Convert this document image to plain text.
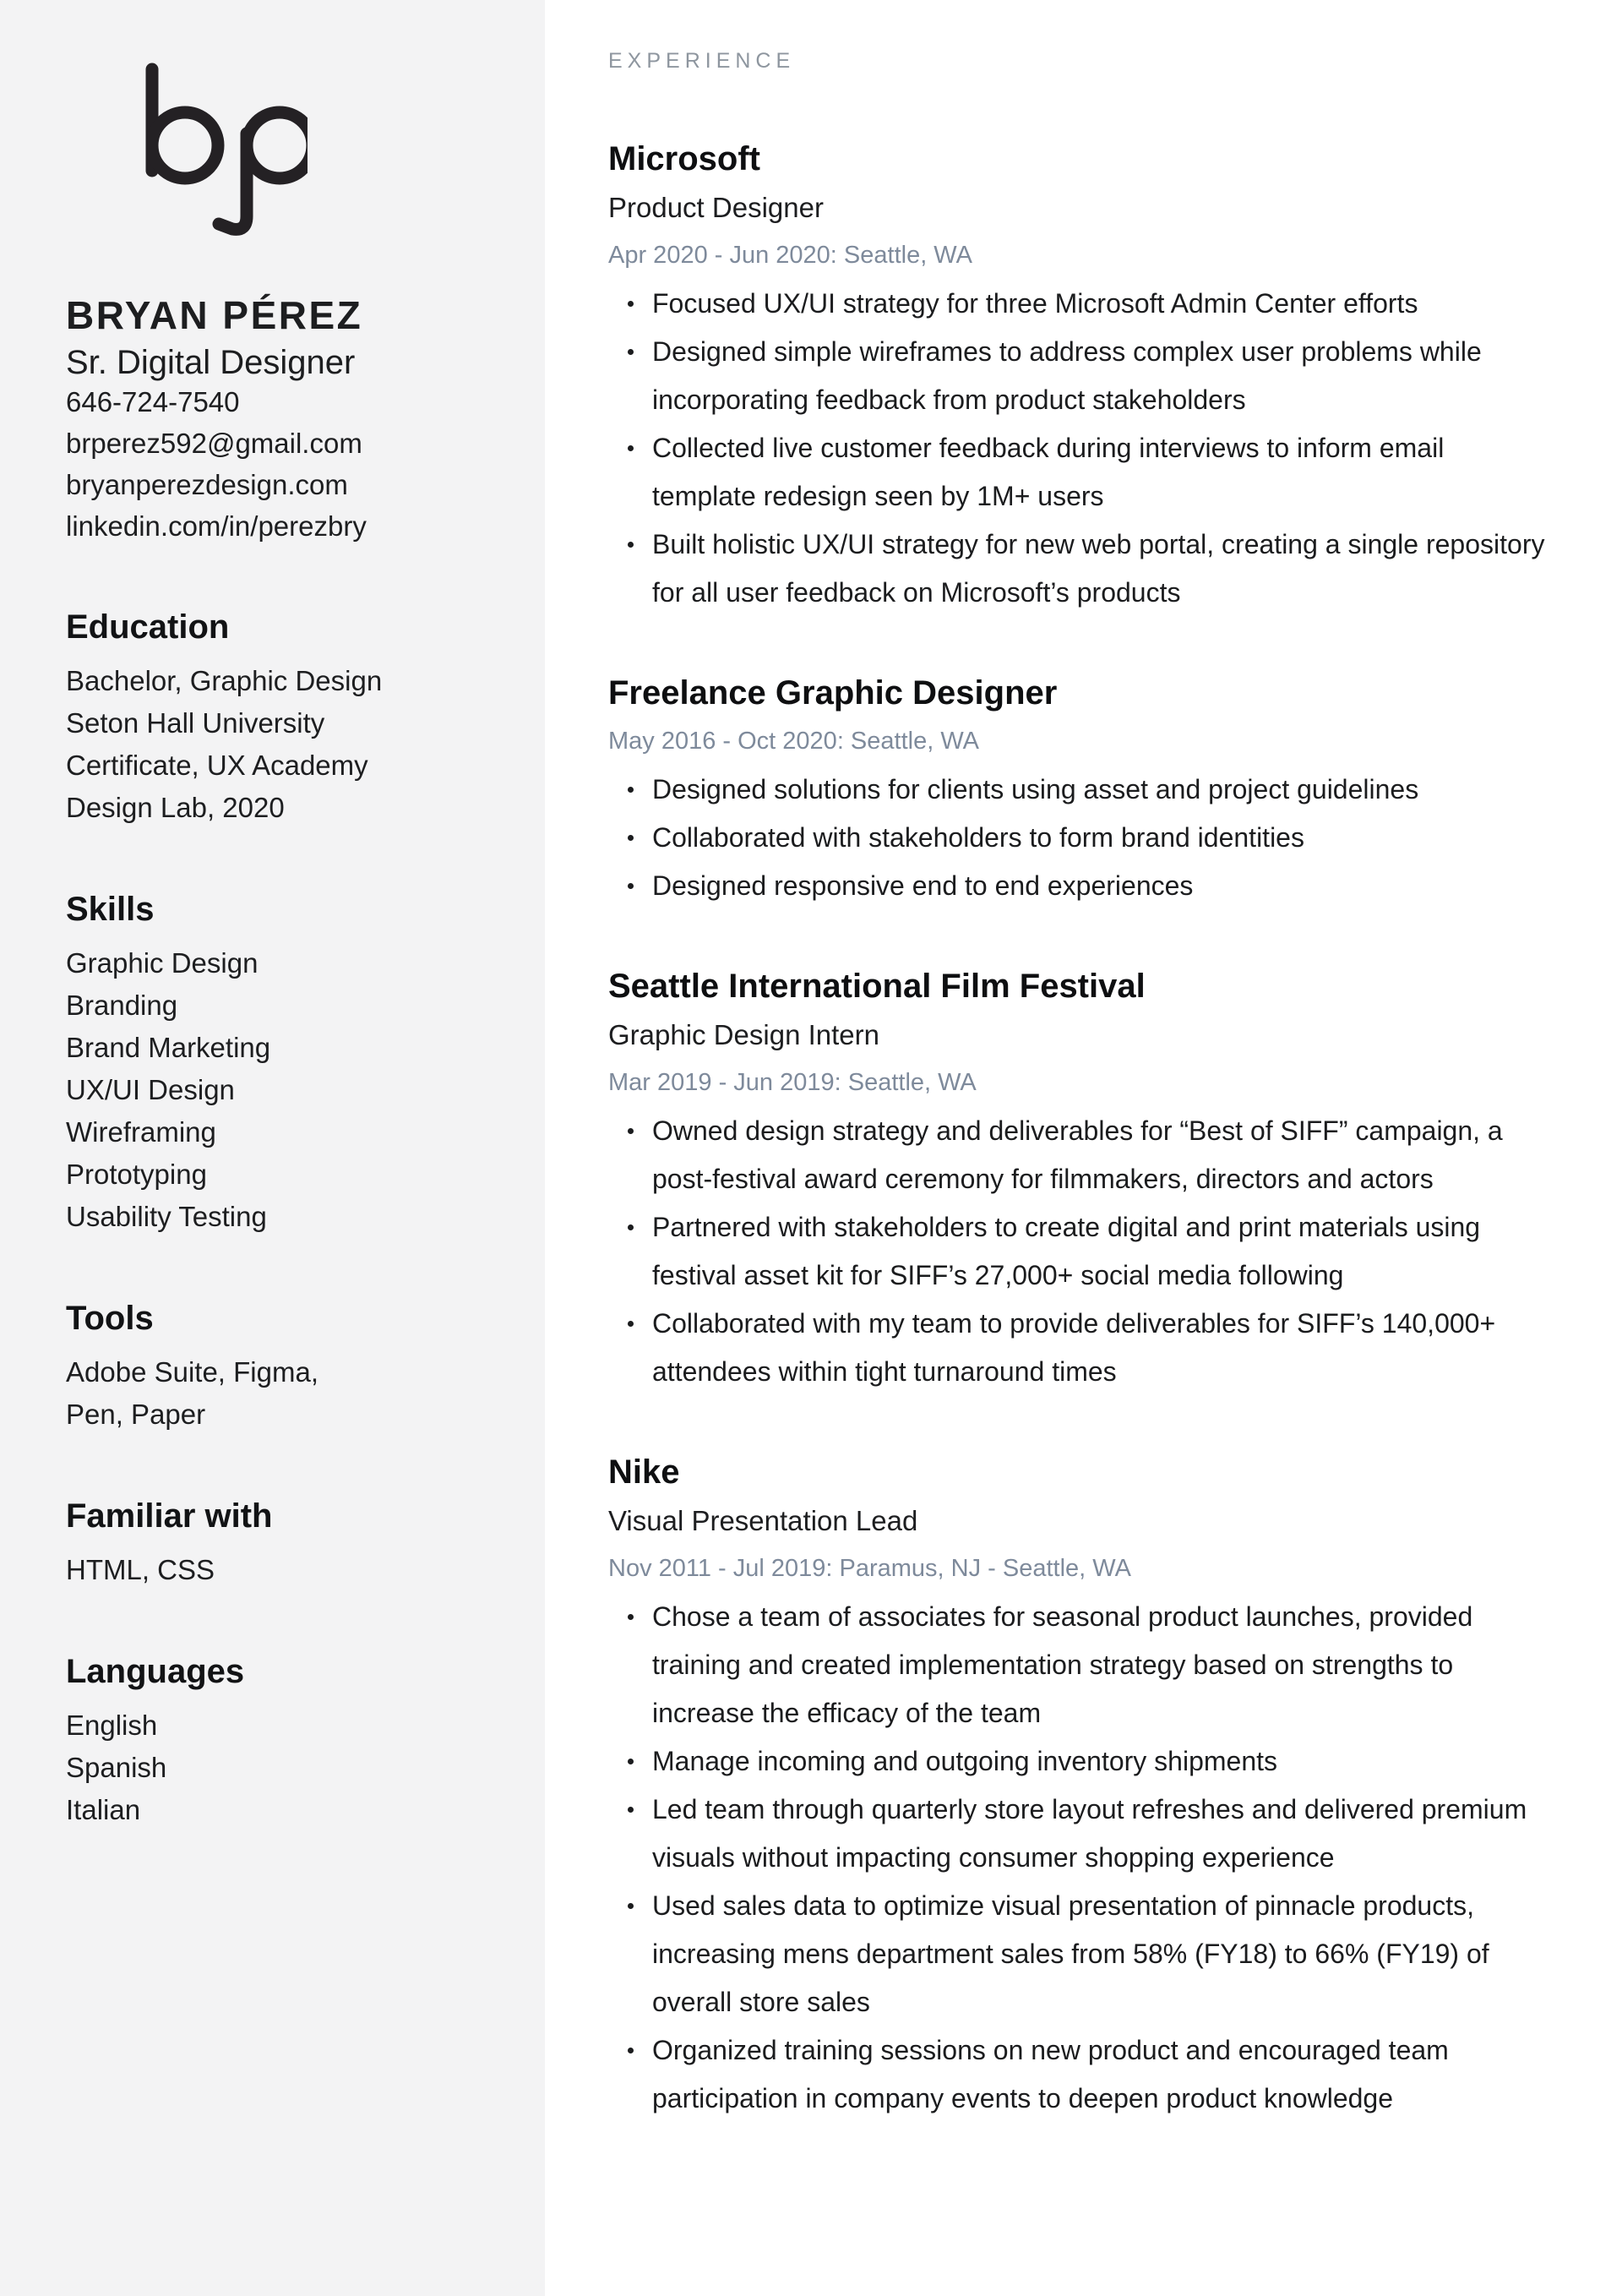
BRYAN PÉREZ
Sr. Digital Designer
646-724-7540
brperez592@gmail.com
bryanperezdesign.com
linkedin.com/in/perezbry
Education
Bachelor, Graphic Design
Seton Hall University
Certificate, UX Academy
Design Lab, 2020
Skills
Graphic Design
Branding
Brand Marketing
UX/UI Design
Wireframing
Prototyping
Usability Testing
Tools
Adobe Suite, Figma,
Pen, Paper
Familiar with
HTML, CSS
Languages
English
Spanish
Italian
EXPERIENCE
Microsoft
Product Designer
Apr 2020 - Jun 2020: Seattle, WA
Focused UX/UI strategy for three Microsoft Admin Center efforts
Designed simple wireframes to address complex user problems while incorporating feedback from product stakeholders
Collected live customer feedback during interviews to inform email template redesign seen by 1M+ users
Built holistic UX/UI strategy for new web portal, creating a single repository for all user feedback on Microsoft’s products
Freelance Graphic Designer
May 2016 - Oct 2020: Seattle, WA
Designed solutions for clients using asset and project guidelines
Collaborated with stakeholders to form brand identities
Designed responsive end to end experiences
Seattle International Film Festival
Graphic Design Intern
Mar 2019 - Jun 2019: Seattle, WA
Owned design strategy and deliverables for “Best of SIFF” campaign, a post-festival award ceremony for filmmakers, directors and actors
Partnered with stakeholders to create digital and print materials using festival asset kit for SIFF’s 27,000+ social media following
Collaborated with my team to provide deliverables for SIFF’s 140,000+ attendees within tight turnaround times
Nike
Visual Presentation Lead
Nov 2011 - Jul 2019: Paramus, NJ - Seattle, WA
Chose a team of associates for seasonal product launches, provided training and created implementation strategy based on strengths to increase the efficacy of the team
Manage incoming and outgoing inventory shipments
Led team through quarterly store layout refreshes and delivered premium visuals without impacting consumer shopping experience
Used sales data to optimize visual presentation of pinnacle products, increasing mens department sales from 58% (FY18) to 66% (FY19) of overall store sales
Organized training sessions on new product and encouraged team participation in company events to deepen product knowledge
